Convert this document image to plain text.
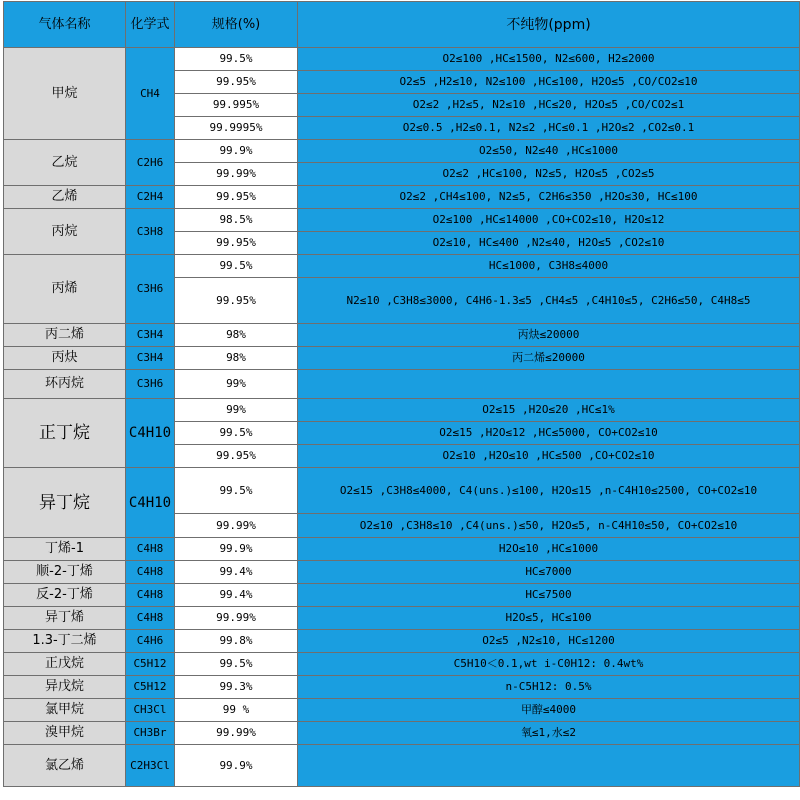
气体名称	化学式	规格(%)	不纯物(ppm)
甲烷	CH4	99.5%	O2≤100 ,HC≤1500, N2≤600, H2≤2000
		99.95%	O2≤5 ,H2≤10, N2≤100 ,HC≤100, H2O≤5 ,CO/CO2≤10
		99.995%	O2≤2 ,H2≤5, N2≤10 ,HC≤20, H2O≤5 ,CO/CO2≤1
		99.9995%	O2≤0.5 ,H2≤0.1, N2≤2 ,HC≤0.1 ,H2O≤2 ,CO2≤0.1
乙烷	C2H6	99.9%	O2≤50, N2≤40 ,HC≤1000
		99.99%	O2≤2 ,HC≤100, N2≤5, H2O≤5 ,CO2≤5
乙烯	C2H4	99.95%	O2≤2 ,CH4≤100, N2≤5, C2H6≤350 ,H2O≤30, HC≤100
丙烷	C3H8	98.5%	O2≤100 ,HC≤14000 ,CO+CO2≤10, H2O≤12
		99.95%	O2≤10, HC≤400 ,N2≤40, H2O≤5 ,CO2≤10
丙烯	C3H6	99.5%	HC≤1000, C3H8≤4000
		99.95%	N2≤10 ,C3H8≤3000, C4H6-1.3≤5 ,CH4≤5 ,C4H10≤5, C2H6≤50, C4H8≤5
丙二烯	C3H4	98%	丙炔≤20000
丙炔	C3H4	98%	丙二烯≤20000
环丙烷	C3H6	99%	
正丁烷	C4H10	99%	O2≤15 ,H2O≤20 ,HC≤1%
		99.5%	O2≤15 ,H2O≤12 ,HC≤5000, CO+CO2≤10
		99.95%	O2≤10 ,H2O≤10 ,HC≤500 ,CO+CO2≤10
异丁烷	C4H10	99.5%	O2≤15 ,C3H8≤4000, C4(uns.)≤100, H2O≤15 ,n-C4H10≤2500, CO+CO2≤10
		99.99%	O2≤10 ,C3H8≤10 ,C4(uns.)≤50, H2O≤5, n-C4H10≤50, CO+CO2≤10
丁烯-1	C4H8	99.9%	H2O≤10 ,HC≤1000
顺-2-丁烯	C4H8	99.4%	HC≤7000
反-2-丁烯	C4H8	99.4%	HC≤7500
异丁烯	C4H8	99.99%	H2O≤5, HC≤100
1.3-丁二烯	C4H6	99.8%	O2≤5 ,N2≤10, HC≤1200
正戊烷	C5H12	99.5%	C5H10＜0.1,wt i-C0H12: 0.4wt%
异戊烷	C5H12	99.3%	n-C5H12: 0.5%
氯甲烷	CH3Cl	99 %	甲醇≤4000
溴甲烷	CH3Br	99.99%	氧≤1,水≤2
氯乙烯	C2H3Cl	99.9%	
